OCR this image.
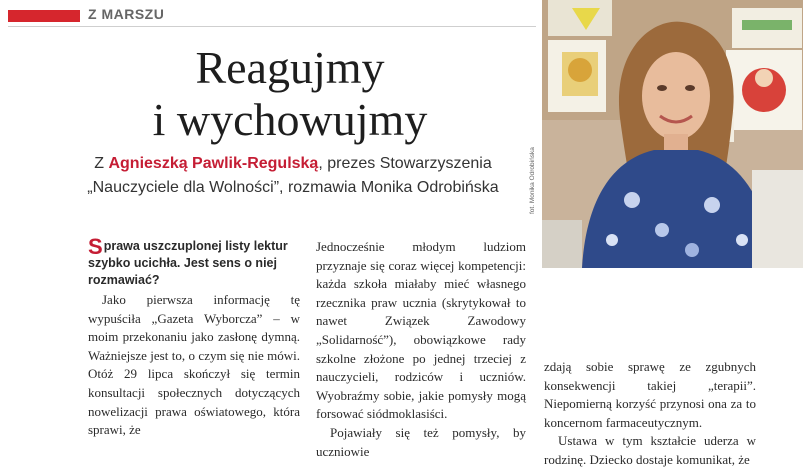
Z MARSZU
Reagujmy
i wychowujmy
Z Agnieszką Pawlik-Regulską, prezes Stowarzyszenia „Nauczyciele dla Wolności”, rozmawia Monika Odrobińska

Sprawa uszczuplonej listy lektur szybko ucichła. Jest sens o niej rozmawiać?

Jako pierwsza informację tę wypuściła „Gazeta Wyborcza” – w moim przekonaniu jako zasłonę dymną. Ważniejsze jest to, o czym się nie mówi. Otóż 29 lipca skończył się termin konsultacji społecznych dotyczących nowelizacji prawa oświatowego, która sprawi, że

Jednocześnie młodym ludziom przyznaje się coraz więcej kompetencji: każda szkoła miałaby mieć własnego rzecznika praw ucznia (skrytykował to nawet Związek Zawodowy „Solidarność”), obowiązkowe rady szkolne złożone po jednej trzeciej z nauczycieli, rodziców i uczniów. Wyobraźmy sobie, jakie pomysły mogą forsować siódmoklasiści.

Pojawiały się też pomysły, by uczniowie

fot. Monika Odrobińska

zdają sobie sprawę ze zgubnych konsekwencji takiej „terapii”. Niepomierną korzyść przynosi ona za to koncernom farmaceutycznym.

Ustawa w tym kształcie uderza w rodzinę. Dziecko dostaje komunikat, że
